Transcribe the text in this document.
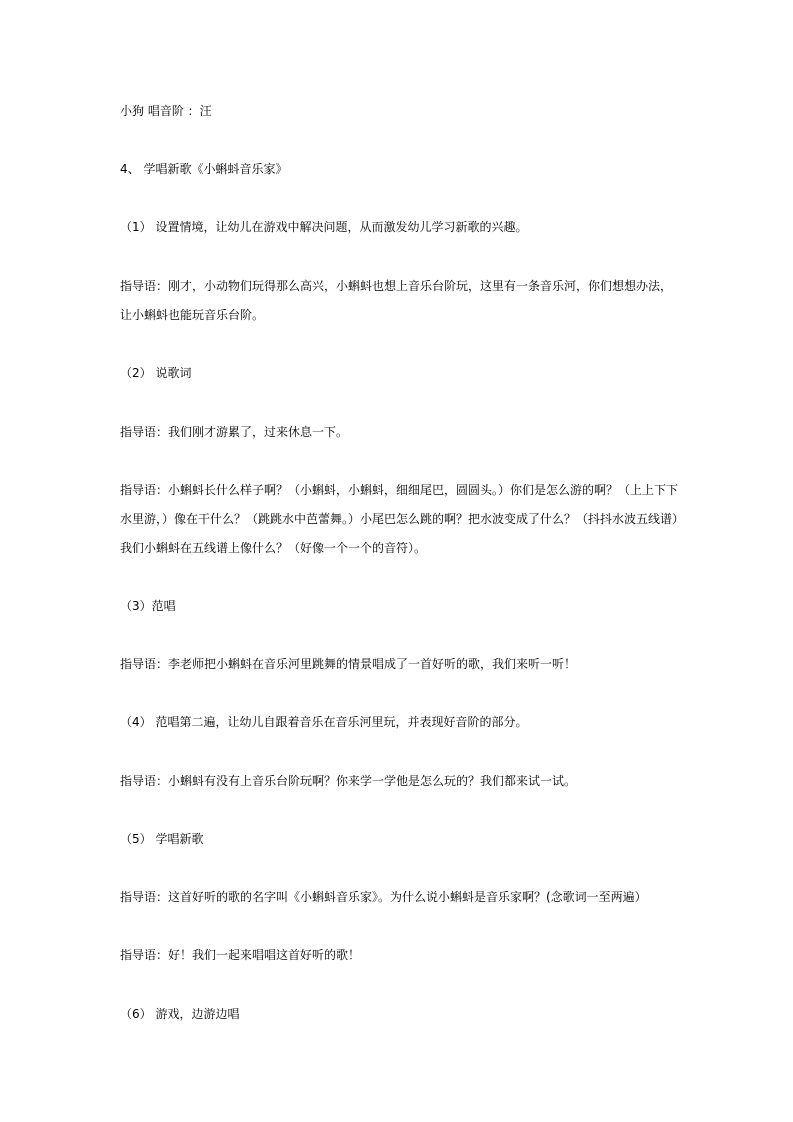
小狗 唱音阶 ：汪
4、 学唱新歌《小蝌蚪音乐家》
（1） 设置情境，让幼儿在游戏中解决问题，从而激发幼儿学习新歌的兴趣。
指导语：刚才，小动物们玩得那么高兴，小蝌蚪也想上音乐台阶玩，这里有一条音乐河，你们想想办法，让小蝌蚪也能玩音乐台阶。
（2） 说歌词
指导语：我们刚才游累了，过来休息一下。
指导语：小蝌蚪长什么样子啊？（小蝌蚪，小蝌蚪，细细尾巴，圆圆头。）你们是怎么游的啊？（上上下下水里游，）像在干什么？（跳跳水中芭蕾舞。）小尾巴怎么跳的啊？把水波变成了什么？（抖抖水波五线谱）我们小蝌蚪在五线谱上像什么？（好像一个一个的音符）。
（3）范唱
指导语：李老师把小蝌蚪在音乐河里跳舞的情景唱成了一首好听的歌，我们来听一听！
（4） 范唱第二遍，让幼儿自跟着音乐在音乐河里玩，并表现好音阶的部分。
指导语：小蝌蚪有没有上音乐台阶玩啊？你来学一学他是怎么玩的？我们都来试一试。
（5） 学唱新歌
指导语：这首好听的歌的名字叫《小蝌蚪音乐家》。为什么说小蝌蚪是音乐家啊？(念歌词一至两遍）
指导语：好！我们一起来唱唱这首好听的歌！
（6） 游戏，边游边唱
